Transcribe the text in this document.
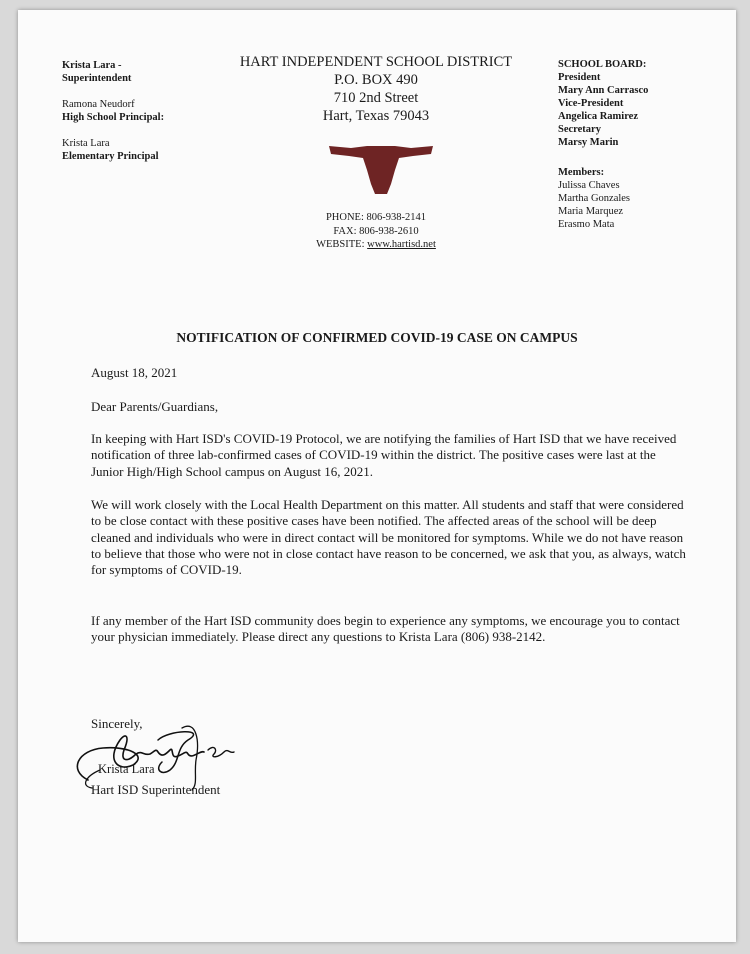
Krista Lara -
Superintendent
Ramona Neudorf
High School Principal:
Krista Lara
Elementary Principal
HART INDEPENDENT SCHOOL DISTRICT
P.O. BOX 490
710 2nd Street
Hart, Texas 79043
PHONE: 806-938-2141
FAX: 806-938-2610
WEBSITE: www.hartisd.net
SCHOOL BOARD:
President
Mary Ann Carrasco
Vice-President
Angelica Ramirez
Secretary
Marsy Marin
Members:
Julissa Chaves
Martha Gonzales
Maria Marquez
Erasmo Mata
NOTIFICATION OF CONFIRMED COVID-19 CASE ON CAMPUS
August 18, 2021
Dear Parents/Guardians,
In keeping with Hart ISD's COVID-19 Protocol, we are notifying the families of Hart ISD that we have received notification of three lab-confirmed cases of COVID-19 within the district. The positive cases were last at the Junior High/High School campus on August 16, 2021.
We will work closely with the Local Health Department on this matter. All students and staff that were considered to be close contact with these positive cases have been notified. The affected areas of the school will be deep cleaned and individuals who were in direct contact will be monitored for symptoms. While we do not have reason to believe that those who were not in close contact have reason to be concerned, we ask that you, as always, watch for symptoms of COVID-19.
If any member of the Hart ISD community does begin to experience any symptoms, we encourage you to contact your physician immediately. Please direct any questions to Krista Lara (806) 938-2142.
Sincerely,
Krista Lara
Hart ISD Superintendent
